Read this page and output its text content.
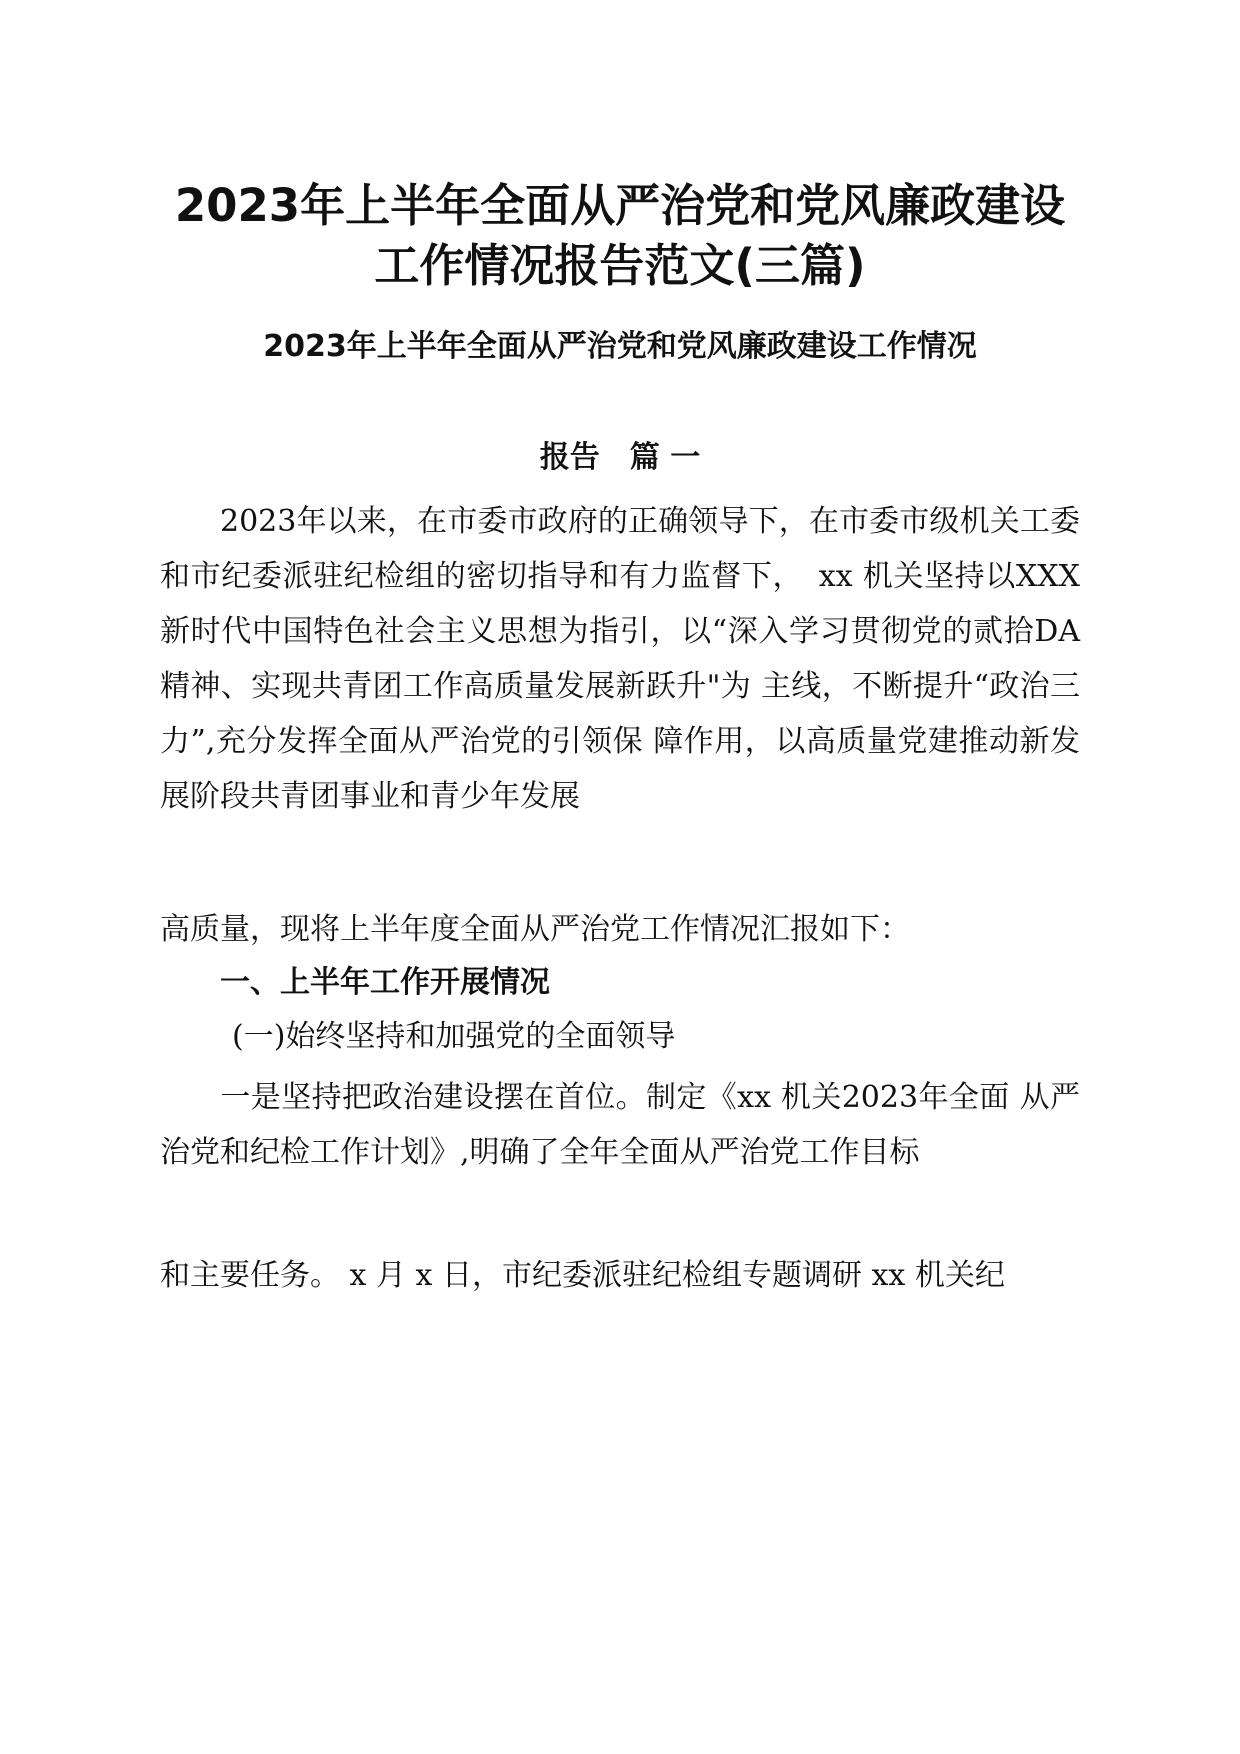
2023年上半年全面从严治党和党风廉政建设
工作情况报告范文(三篇)
2023年上半年全面从严治党和党风廉政建设工作情况
报告　篇 一
2023年以来，在市委市政府的正确领导下，在市委市级机关工委和市纪委派驻纪检组的密切指导和有力监督下，　xx 机关坚持以XXX新时代中国特色社会主义思想为指引，以“深入学习贯彻党的贰拾DA精神、实现共青团工作高质量发展新跃升"为 主线，不断提升“政治三力”,充分发挥全面从严治党的引领保 障作用，以高质量党建推动新发展阶段共青团事业和青少年发展
高质量，现将上半年度全面从严治党工作情况汇报如下：
一、上半年工作开展情况
(一)始终坚持和加强党的全面领导
一是坚持把政治建设摆在首位。制定《xx 机关2023年全面 从严治党和纪检工作计划》,明确了全年全面从严治党工作目标
和主要任务。 x 月 x 日，市纪委派驻纪检组专题调研 xx 机关纪
